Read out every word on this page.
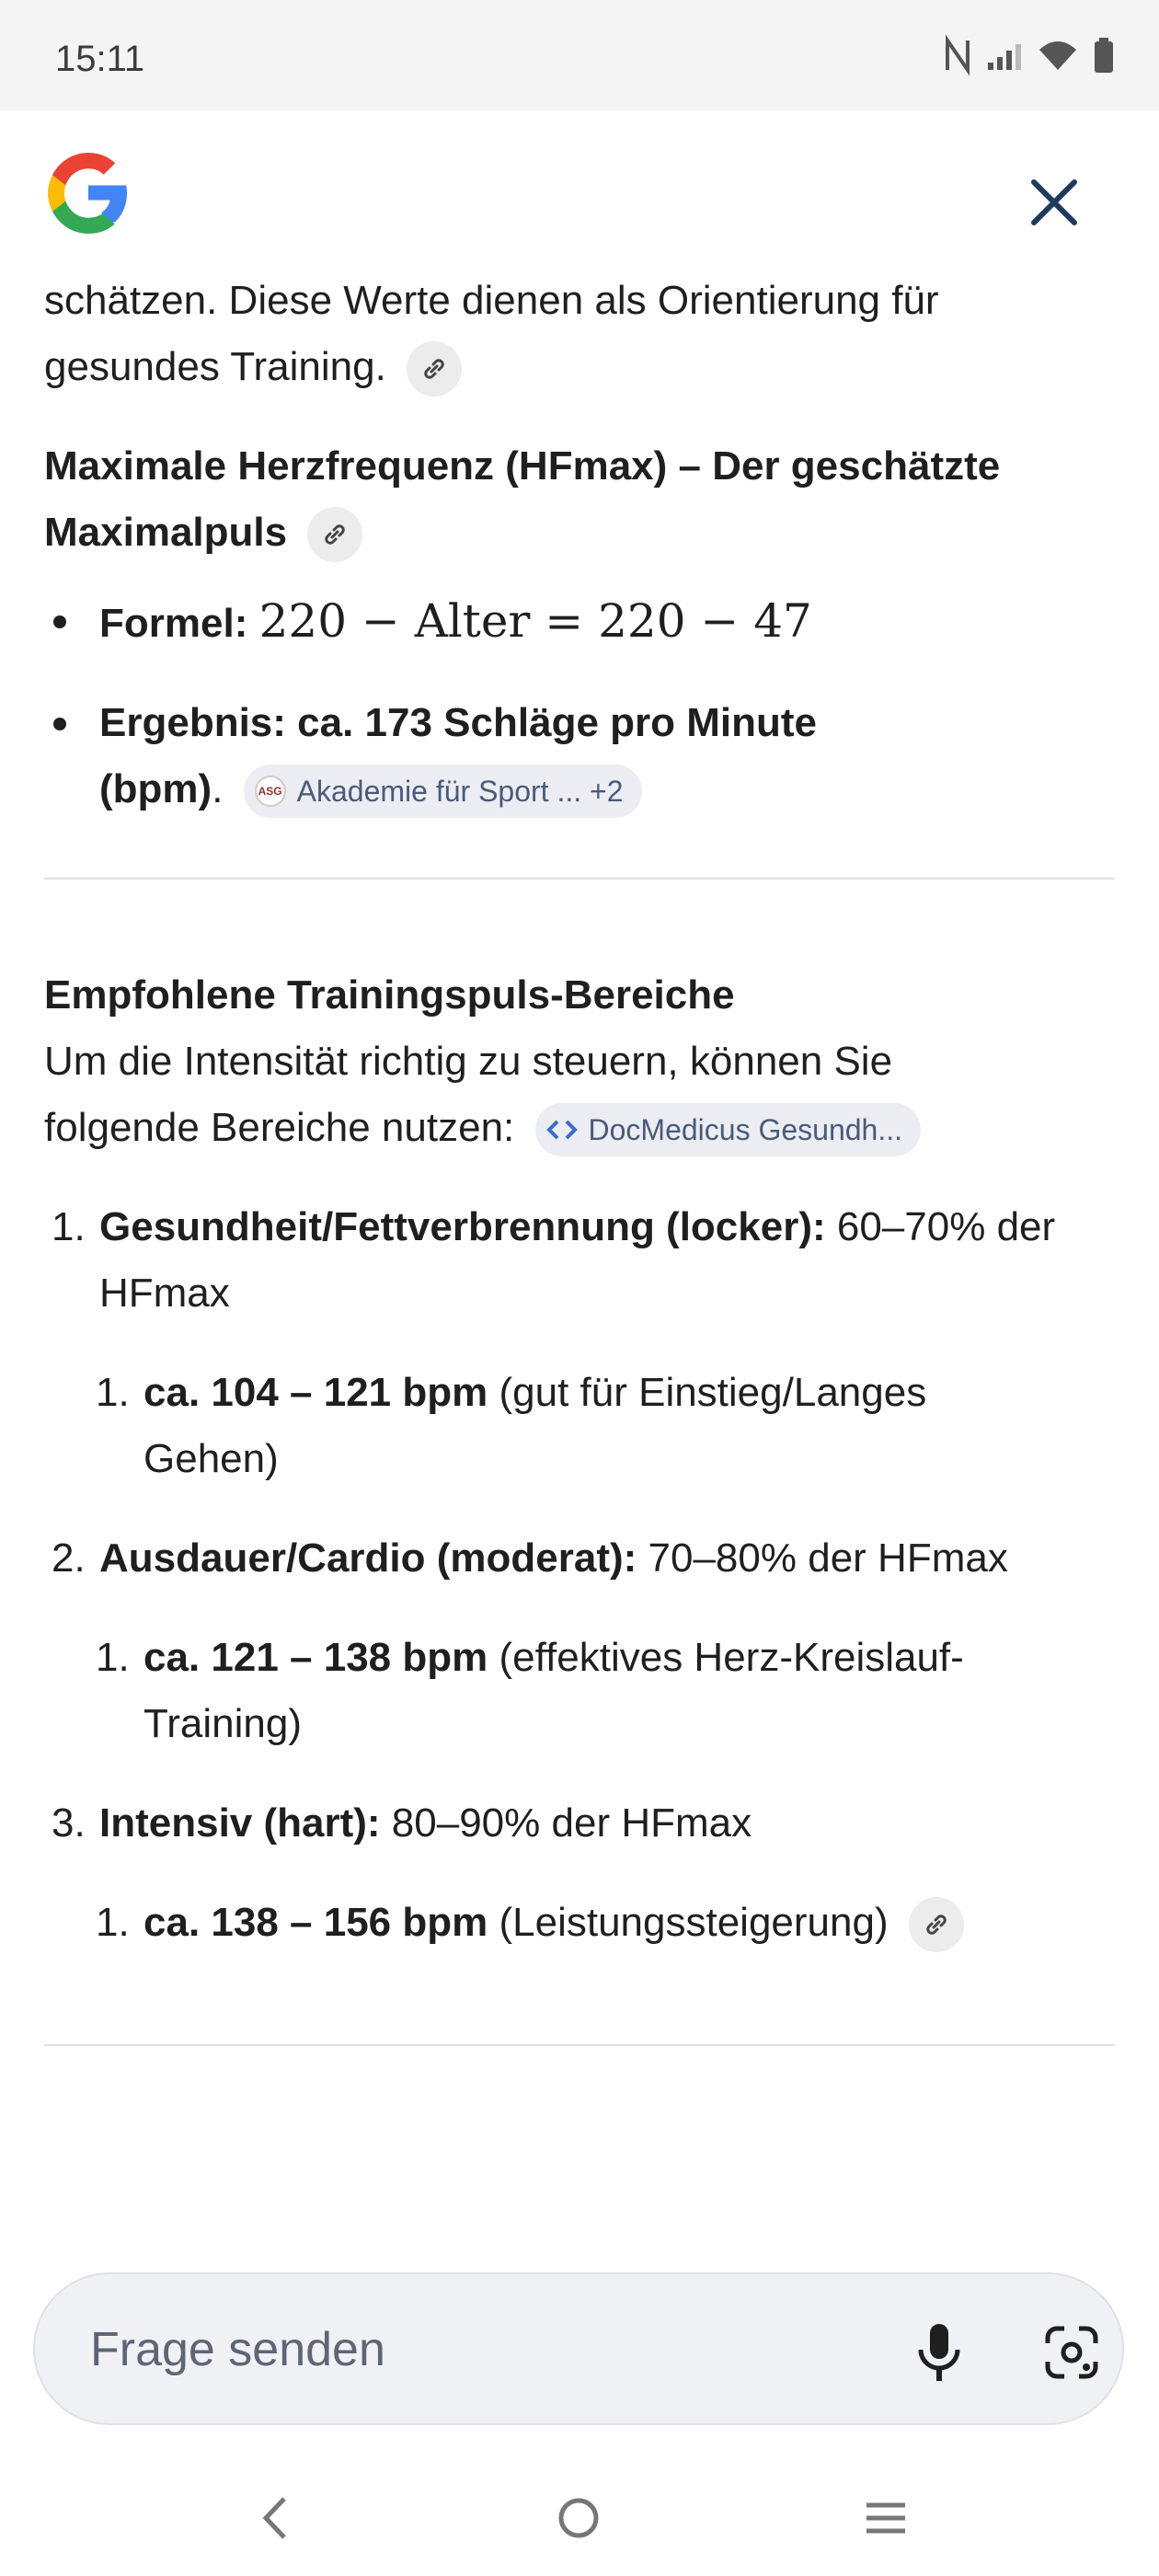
15:11
schätzen. Diese Werte dienen als Orientierung für
gesundes Training.
Maximale Herzfrequenz (HFmax) – Der geschätzte
Maximalpuls
Formel: 220 − Alter = 220 − 47
Ergebnis: ca. 173 Schläge pro Minute
(bpm).	ASG Akademie für Sport ... +2
Empfohlene Trainingspuls-Bereiche
Um die Intensität richtig zu steuern, können Sie
folgende Bereiche nutzen:	DocMedicus Gesundh...
1. Gesundheit/Fettverbrennung (locker): 60–70% der
HFmax
1. ca. 104 – 121 bpm (gut für Einstieg/Langes
Gehen)
2. Ausdauer/Cardio (moderat): 70–80% der HFmax
1. ca. 121 – 138 bpm (effektives Herz-Kreislauf-
Training)
3. Intensiv (hart): 80–90% der HFmax
1. ca. 138 – 156 bpm (Leistungssteigerung)
Frage senden
